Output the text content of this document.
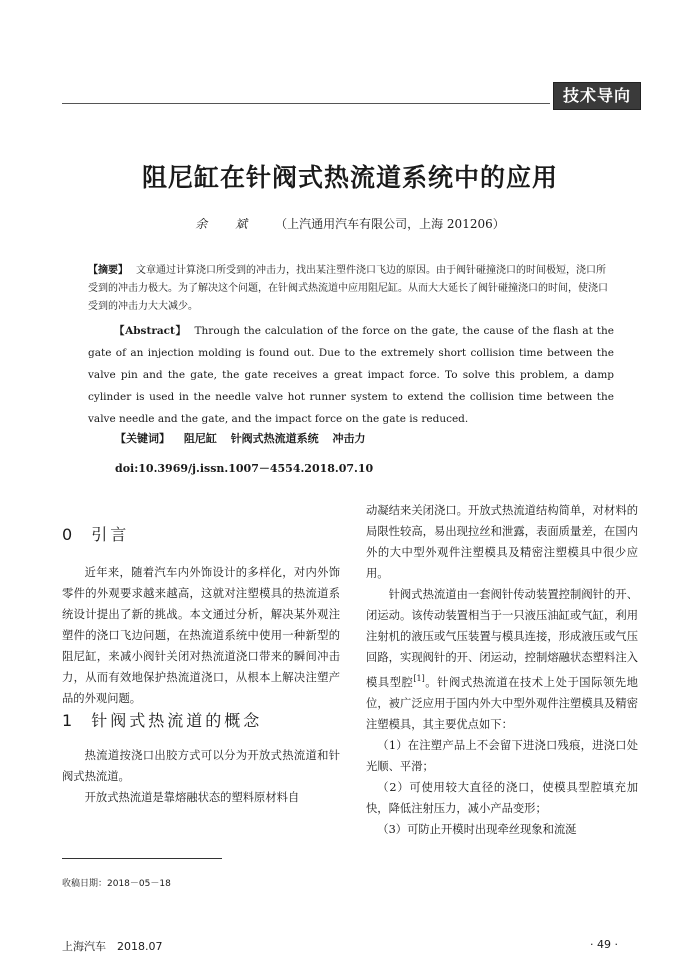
技术导向
阻尼缸在针阀式热流道系统中的应用
余　斌 （上汽通用汽车有限公司，上海 201206）
【摘要】 文章通过计算浇口所受到的冲击力，找出某注塑件浇口飞边的原因。由于阀针碰撞浇口的时间极短，浇口所受到的冲击力极大。为了解决这个问题，在针阀式热流道中应用阻尼缸。从而大大延长了阀针碰撞浇口的时间，使浇口受到的冲击力大大减少。
【Abstract】 Through the calculation of the force on the gate, the cause of the flash at the gate of an injection molding is found out. Due to the extremely short collision time between the valve pin and the gate, the gate receives a great impact force. To solve this problem, a damp cylinder is used in the needle valve hot runner system to extend the collision time between the valve needle and the gate, and the impact force on the gate is reduced.
【关键词】 阻尼缸 针阀式热流道系统 冲击力
doi:10.3969/j.issn.1007－4554.2018.07.10
0 引言

近年来，随着汽车内外饰设计的多样化，对内外饰零件的外观要求越来越高，这就对注塑模具的热流道系统设计提出了新的挑战。本文通过分析，解决某外观注塑件的浇口飞边问题，在热流道系统中使用一种新型的阻尼缸，来减小阀针关闭对热流道浇口带来的瞬间冲击力，从而有效地保护热流道浇口，从根本上解决注塑产品的外观问题。

1 针阀式热流道的概念

热流道按浇口出胶方式可以分为开放式热流道和针阀式热流道。

开放式热流道是靠熔融状态的塑料原材料自

动凝结来关闭浇口。开放式热流道结构简单，对材料的局限性较高，易出现拉丝和泄露，表面质量差，在国内外的大中型外观件注塑模具及精密注塑模具中很少应用。

针阀式热流道由一套阀针传动装置控制阀针的开、闭运动。该传动装置相当于一只液压油缸或气缸，利用注射机的液压或气压装置与模具连接，形成液压或气压回路，实现阀针的开、闭运动，控制熔融状态塑料注入模具型腔[1]。针阀式热流道在技术上处于国际领先地位，被广泛应用于国内外大中型外观件注塑模具及精密注塑模具，其主要优点如下：

（1）在注塑产品上不会留下进浇口残痕，进浇口处光顺、平滑；

（2）可使用较大直径的浇口，使模具型腔填充加快，降低注射压力，减小产品变形；

（3）可防止开模时出现牵丝现象和流涎

收稿日期：2018－05－18
上海汽车　2018.07	· 49 ·
